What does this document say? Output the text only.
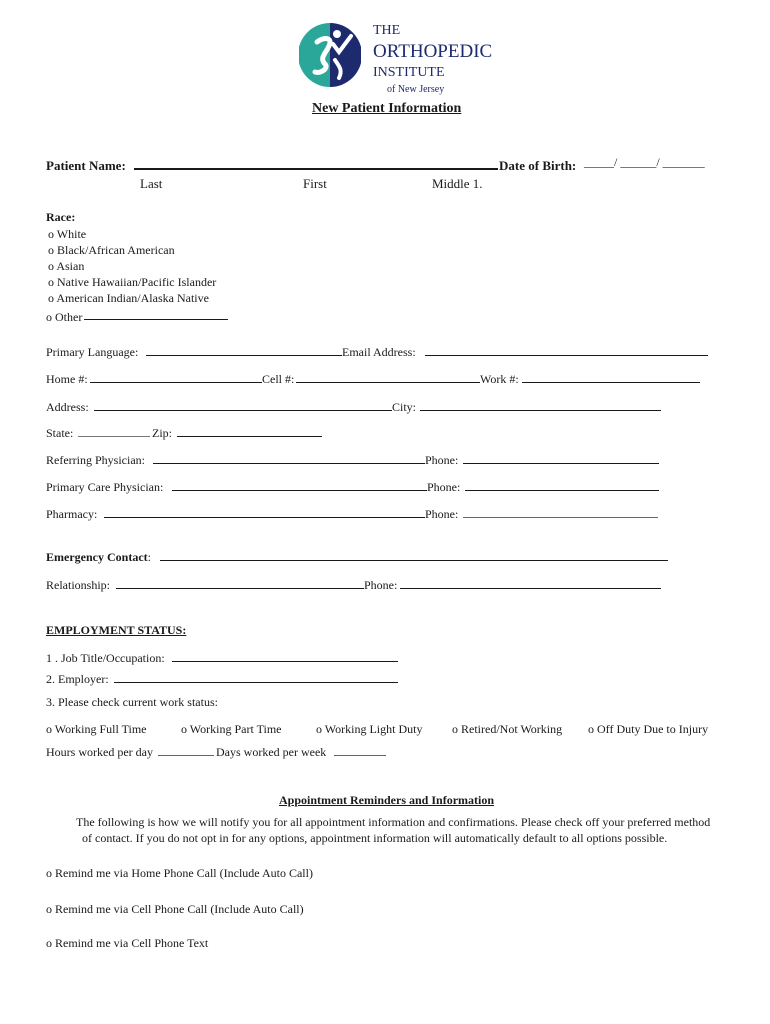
THE
ORTHOPEDIC
INSTITUTE
of New Jersey
New Patient Information
Patient Name:	Date of Birth: _____/ ______/ _______
Last	First	Middle 1.
Race:
o White
o Black/African American
o Asian
o Native Hawaiian/Pacific Islander
o American Indian/Alaska Native
o Other
Primary Language:	Email Address:
Home #:	Cell #:	Work #:
Address:	City:
State:	Zip:
Referring Physician:	Phone:
Primary Care Physician:	Phone:
Pharmacy:	Phone:
Emergency Contact:
Relationship:	Phone:
EMPLOYMENT STATUS:
1 . Job Title/Occupation:
2. Employer:
3. Please check current work status:
o Working Full Time	o Working Part Time	o Working Light Duty o Retired/Not Working o Off Duty Due to Injury
Hours worked per day	Days worked per week
Appointment Reminders and Information
The following is how we will notify you for all appointment information and confirmations. Please check off your preferred method of contact. If you do not opt in for any options, appointment information will automatically default to all options possible.
o Remind me via Home Phone Call (Include Auto Call)
o Remind me via Cell Phone Call (Include Auto Call)
o Remind me via Cell Phone Text
